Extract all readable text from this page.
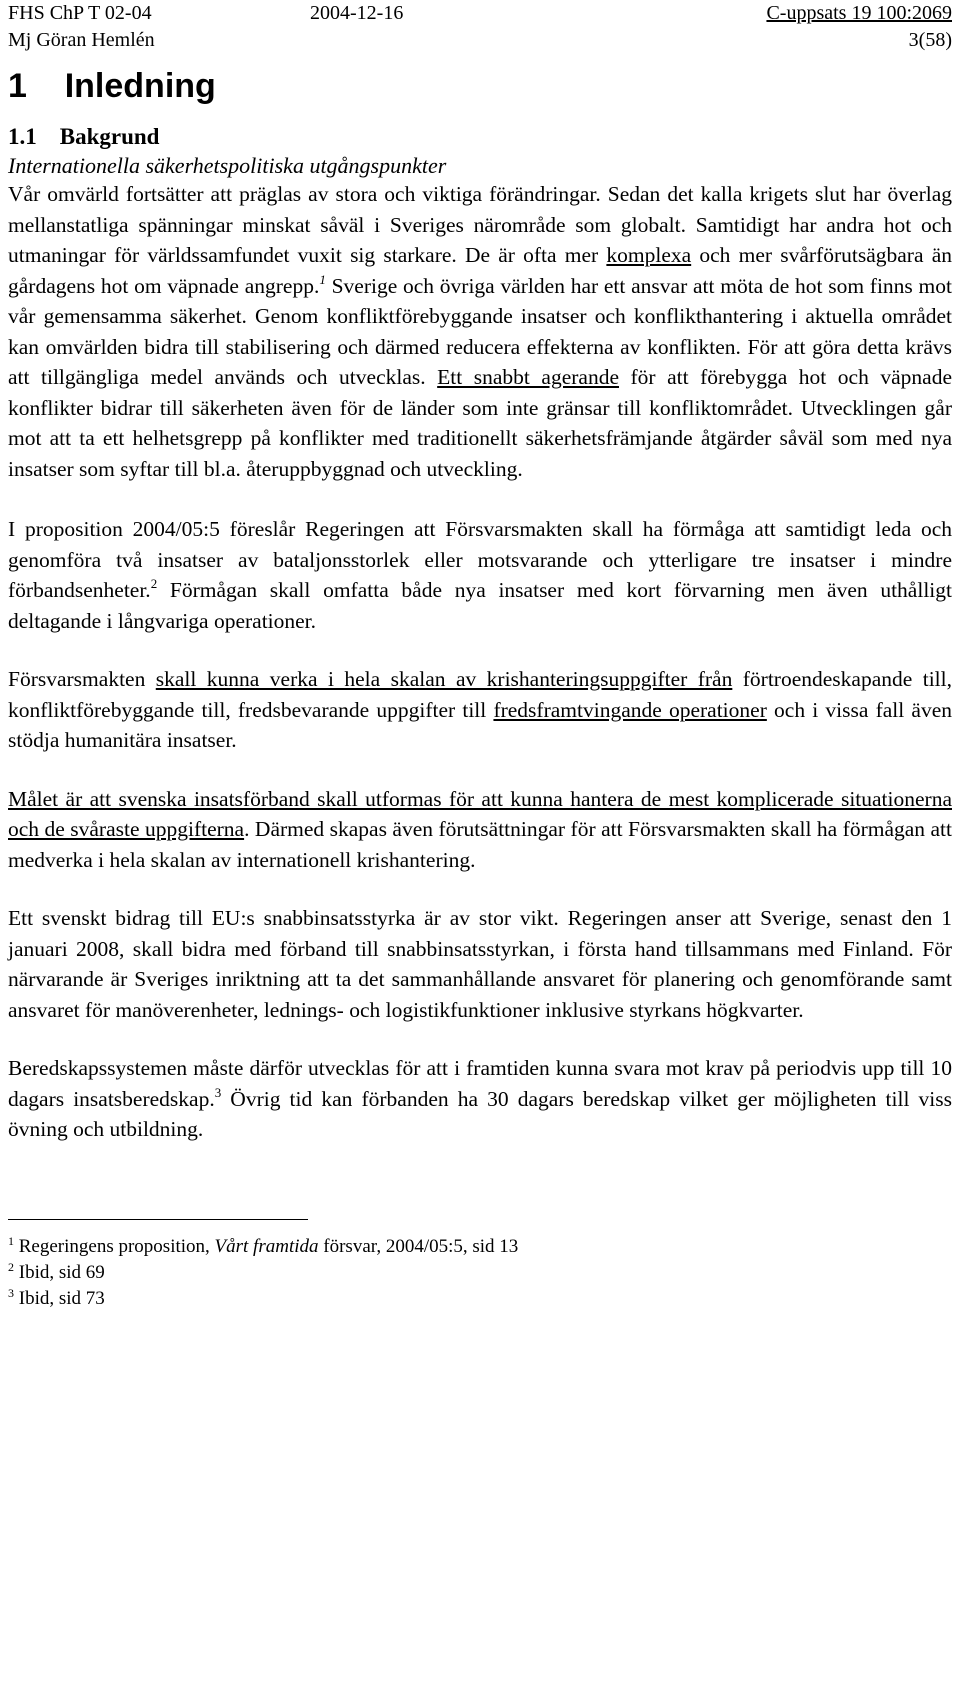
FHS ChP T 02-04	2004-12-16	C-uppsats 19 100:2069
Mj Göran Hemlén	3(58)
1 Inledning
1.1 Bakgrund
Internationella säkerhetspolitiska utgångspunkter

Vår omvärld fortsätter att präglas av stora och viktiga förändringar. Sedan det kalla krigets slut har överlag mellanstatliga spänningar minskat såväl i Sveriges närområde som globalt. Samtidigt har andra hot och utmaningar för världssamfundet vuxit sig starkare. De är ofta mer komplexa och mer svårförutsägbara än gårdagens hot om väpnade angrepp.$^1$ Sverige och övriga världen har ett ansvar att möta de hot som finns mot vår gemensamma säkerhet. Genom konfliktförebyggande insatser och konflikthantering i aktuella området kan omvärlden bidra till stabilisering och därmed reducera effekterna av konflikten. För att göra detta krävs att tillgängliga medel används och utvecklas. Ett snabbt agerande för att förebygga hot och väpnade konflikter bidrar till säkerheten även för de länder som inte gränsar till konfliktområdet. Utvecklingen går mot att ta ett helhetsgrepp på konflikter med traditionellt säkerhetsfrämjande åtgärder såväl som med nya insatser som syftar till bl.a. återuppbyggnad och utveckling.

I proposition 2004/05:5 föreslår Regeringen att Försvarsmakten skall ha förmåga att samtidigt leda och genomföra två insatser av bataljonsstorlek eller motsvarande och ytterligare tre insatser i mindre förbandsenheter.$^2$ Förmågan skall omfatta både nya insatser med kort förvarning men även uthålligt deltagande i långvariga operationer.

Försvarsmakten skall kunna verka i hela skalan av krishanteringsuppgifter från förtroendeskapande till, konfliktförebyggande till, fredsbevarande uppgifter till fredsframtvingande operationer och i vissa fall även stödja humanitära insatser.

Målet är att svenska insatsförband skall utformas för att kunna hantera de mest komplicerade situationerna och de svåraste uppgifterna. Därmed skapas även förutsättningar för att Försvarsmakten skall ha förmågan att medverka i hela skalan av internationell krishantering.

Ett svenskt bidrag till EU:s snabbinsatsstyrka är av stor vikt. Regeringen anser att Sverige, senast den 1 januari 2008, skall bidra med förband till snabbinsatsstyrkan, i första hand tillsammans med Finland. För närvarande är Sveriges inriktning att ta det sammanhållande ansvaret för planering och genomförande samt ansvaret för manöverenheter, lednings- och logistikfunktioner inklusive styrkans högkvarter.

Beredskapssystemen måste därför utvecklas för att i framtiden kunna svara mot krav på periodvis upp till 10 dagars insatsberedskap.$^3$ Övrig tid kan förbanden ha 30 dagars beredskap vilket ger möjligheten till viss övning och utbildning.

$^1$ Regeringens proposition, Vårt framtida försvar, 2004/05:5, sid 13
$^2$ Ibid, sid 69
$^3$ Ibid, sid 73
